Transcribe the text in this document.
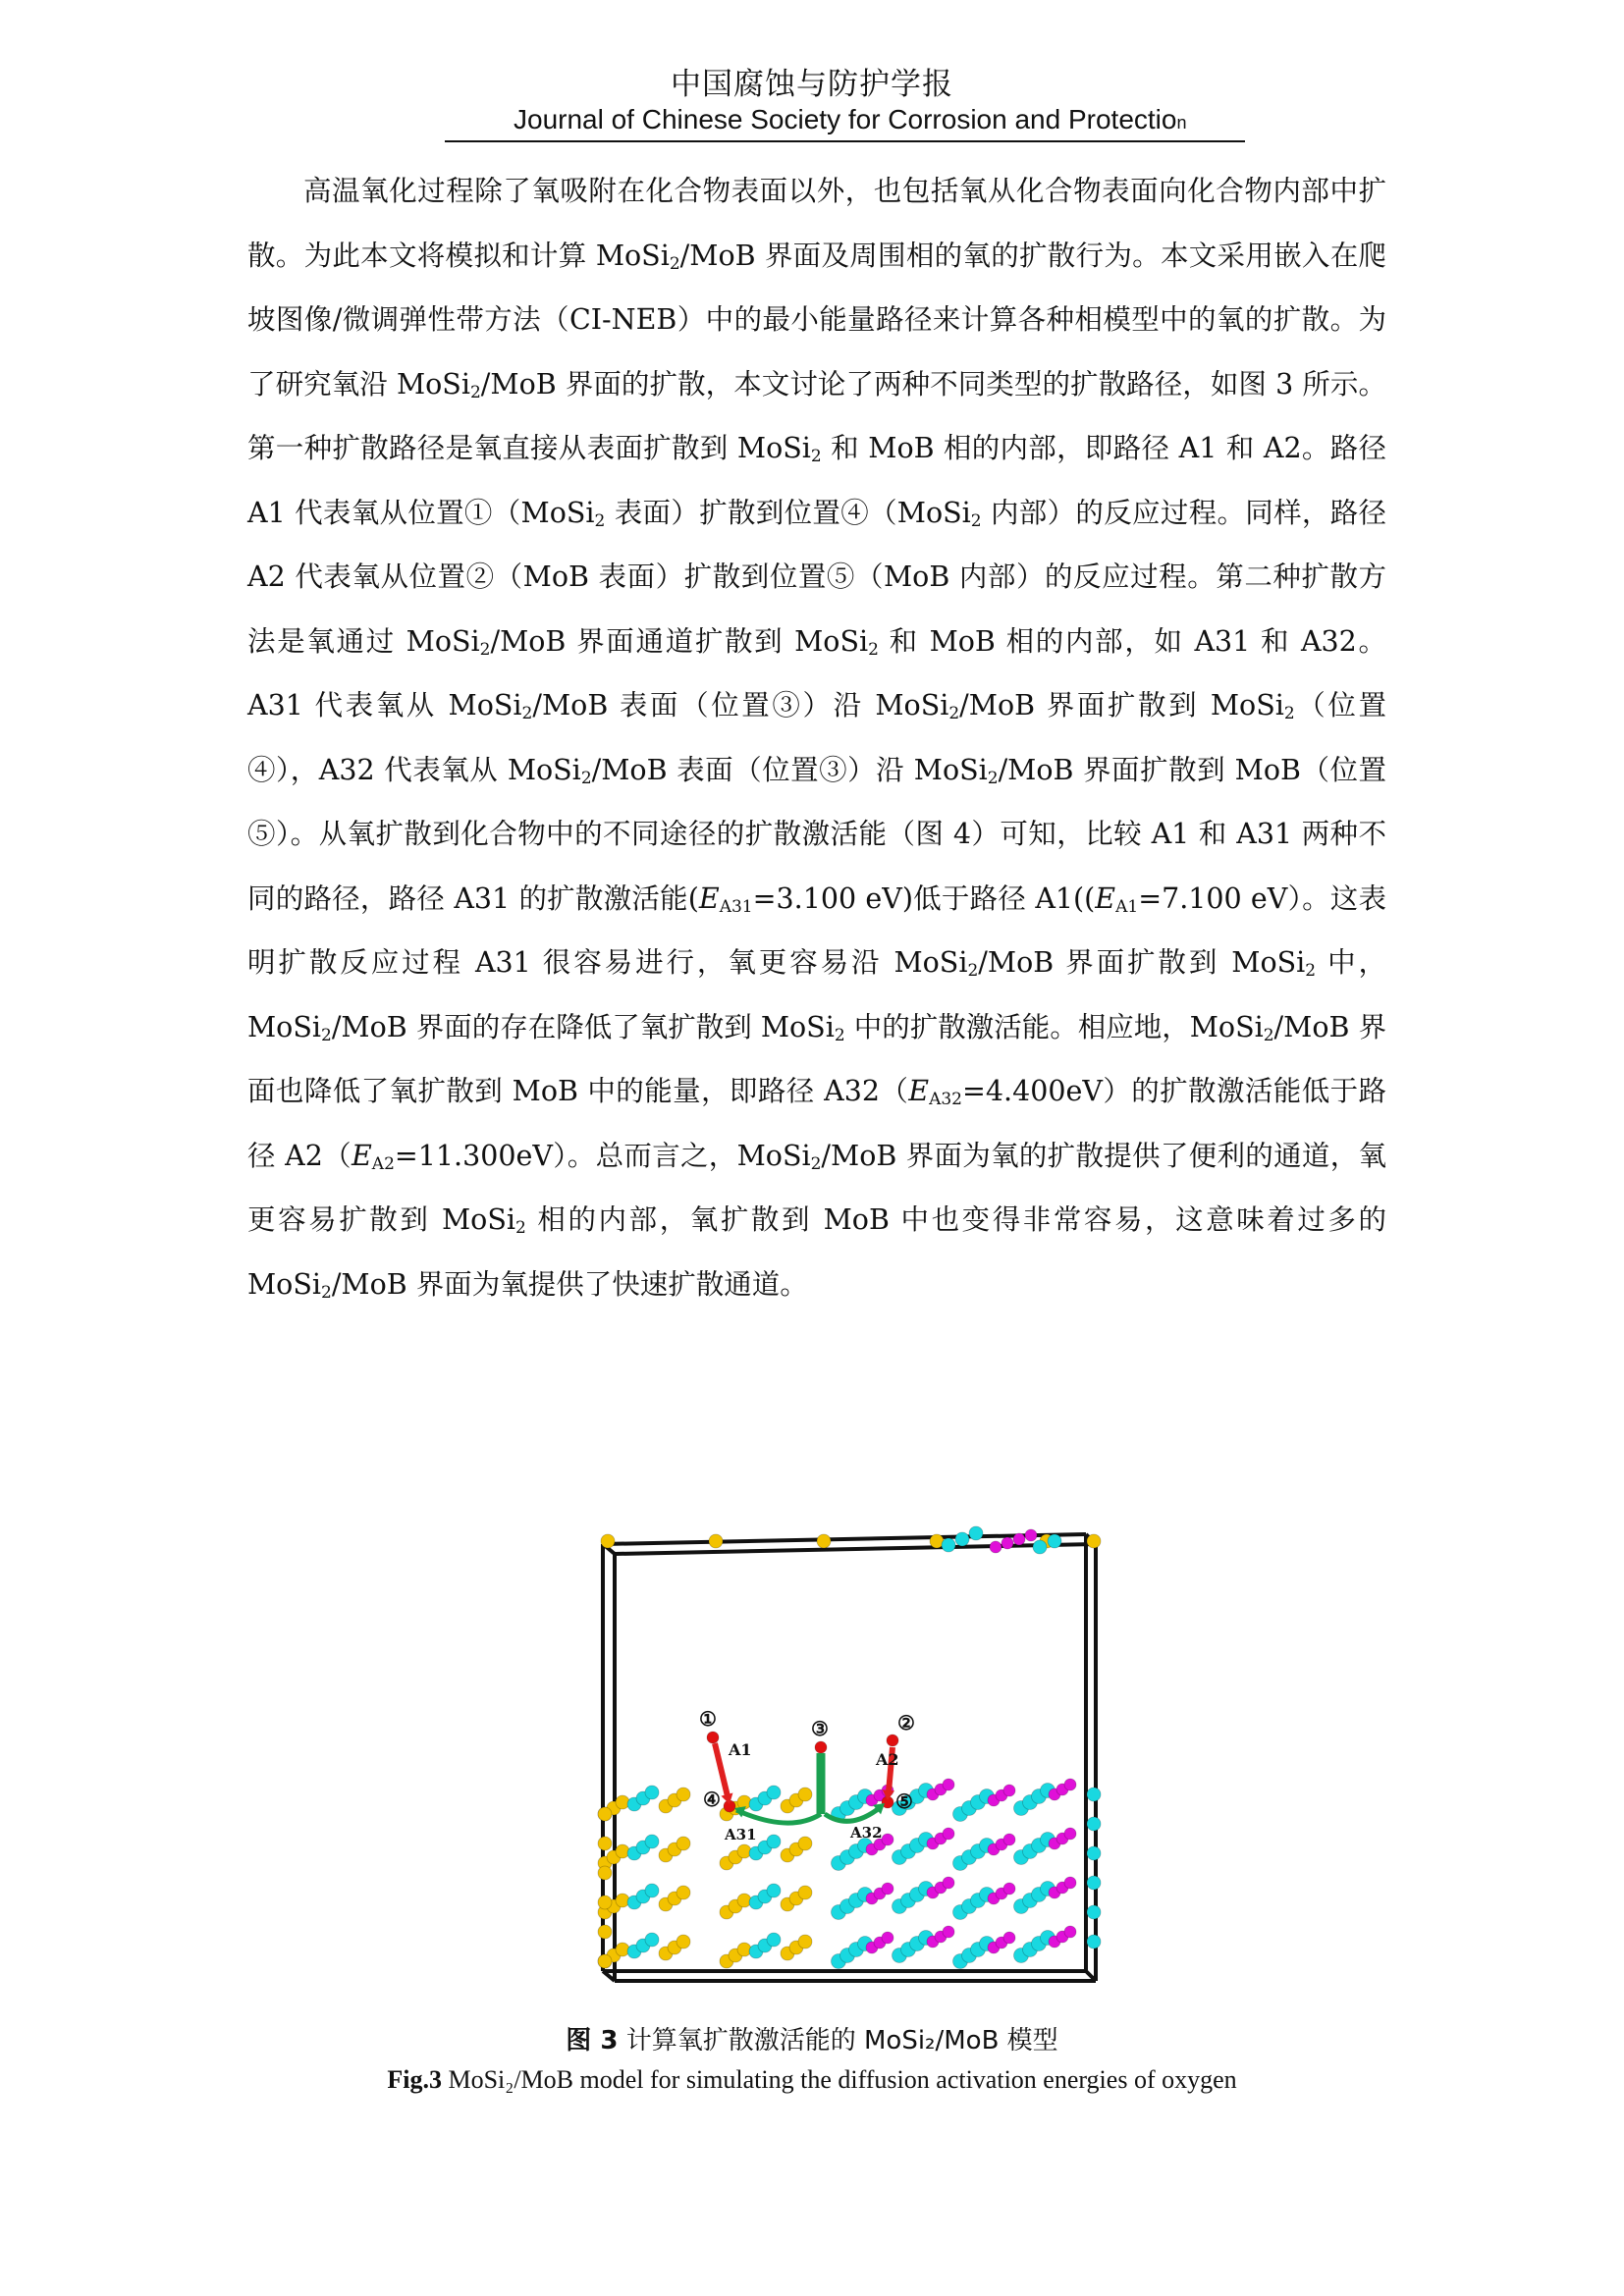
中国腐蚀与防护学报
Journal of Chinese Society for Corrosion and Protection

高温氧化过程除了氧吸附在化合物表面以外，也包括氧从化合物表面向化合物内部中扩散。为此本文将模拟和计算 MoSi$_2$/MoB 界面及周围相的氧的扩散行为。本文采用嵌入在爬坡图像/微调弹性带方法（CI-NEB）中的最小能量路径来计算各种相模型中的氧的扩散。为了研究氧沿 MoSi$_2$/MoB 界面的扩散，本文讨论了两种不同类型的扩散路径，如图 3 所示。第一种扩散路径是氧直接从表面扩散到 MoSi$_2$ 和 MoB 相的内部，即路径 A1 和 A2。路径 A1 代表氧从位置①（MoSi$_2$ 表面）扩散到位置④（MoSi$_2$ 内部）的反应过程。同样，路径 A2 代表氧从位置②（MoB 表面）扩散到位置⑤（MoB 内部）的反应过程。第二种扩散方法是氧通过 MoSi$_2$/MoB 界面通道扩散到 MoSi$_2$ 和 MoB 相的内部，如 A31 和 A32。A31 代表氧从 MoSi$_2$/MoB 表面（位置③）沿 MoSi$_2$/MoB 界面扩散到 MoSi$_2$（位置④），A32 代表氧从 MoSi$_2$/MoB 表面（位置③）沿 MoSi$_2$/MoB 界面扩散到 MoB（位置⑤）。从氧扩散到化合物中的不同途径的扩散激活能（图 4）可知，比较 A1 和 A31 两种不同的路径，路径 A31 的扩散激活能($E_{A31}=3.100$ eV)低于路径 $A1((E_{A1}=7.100$ eV）。这表明扩散反应过程 A31 很容易进行，氧更容易沿 MoSi$_2$/MoB 界面扩散到 MoSi$_2$ 中，MoSi$_2$/MoB 界面的存在降低了氧扩散到 MoSi$_2$ 中的扩散激活能。相应地，MoSi$_2$/MoB 界面也降低了氧扩散到 MoB 中的能量，即路径 $A32(E_{A32}=4.400eV)$的扩散激活能低于路径 $A2(E_{A2}=11.300eV)$。总而言之，MoSi$_2$/MoB 界面为氧的扩散提供了便利的通道，氧更容易扩散到 MoSi$_2$ 相的内部，氧扩散到 MoB 中也变得非常容易，这意味着过多的 MoSi$_2$/MoB 界面为氧提供了快速扩散通道。

①	②
③
④	⑤
A1
A2
A31	A32
图 3 计算氧扩散激活能的 MoSi₂/MoB 模型
Fig.3 MoSi₂/MoB model for simulating the diffusion activation energies of oxygen
